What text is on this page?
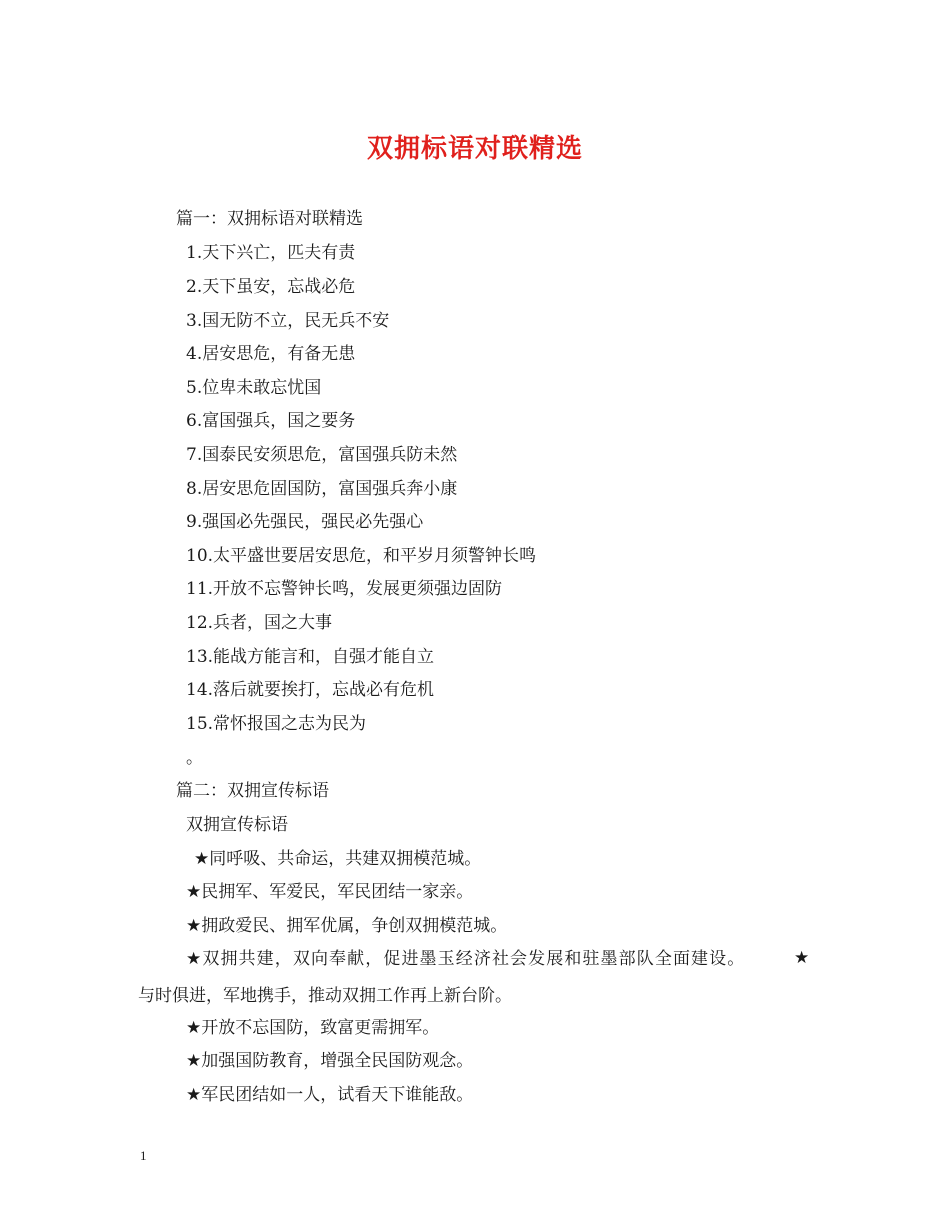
双拥标语对联精选
篇一：双拥标语对联精选
1.天下兴亡，匹夫有责
2.天下虽安，忘战必危
3.国无防不立，民无兵不安
4.居安思危，有备无患
5.位卑未敢忘忧国
6.富国强兵，国之要务
7.国泰民安须思危，富国强兵防未然
8.居安思危固国防，富国强兵奔小康
9.强国必先强民，强民必先强心
10.太平盛世要居安思危，和平岁月须警钟长鸣
11.开放不忘警钟长鸣，发展更须强边固防
12.兵者，国之大事
13.能战方能言和，自强才能自立
14.落后就要挨打，忘战必有危机
15.常怀报国之志为民为
。
篇二：双拥宣传标语
双拥宣传标语
★同呼吸、共命运，共建双拥模范城。
★民拥军、军爱民，军民团结一家亲。
★拥政爱民、拥军优属，争创双拥模范城。
★双拥共建，双向奉献，促进墨玉经济社会发展和驻墨部队全面建设。	★
与时俱进，军地携手，推动双拥工作再上新台阶。
★开放不忘国防，致富更需拥军。
★加强国防教育，增强全民国防观念。
★军民团结如一人，试看天下谁能敌。
1
